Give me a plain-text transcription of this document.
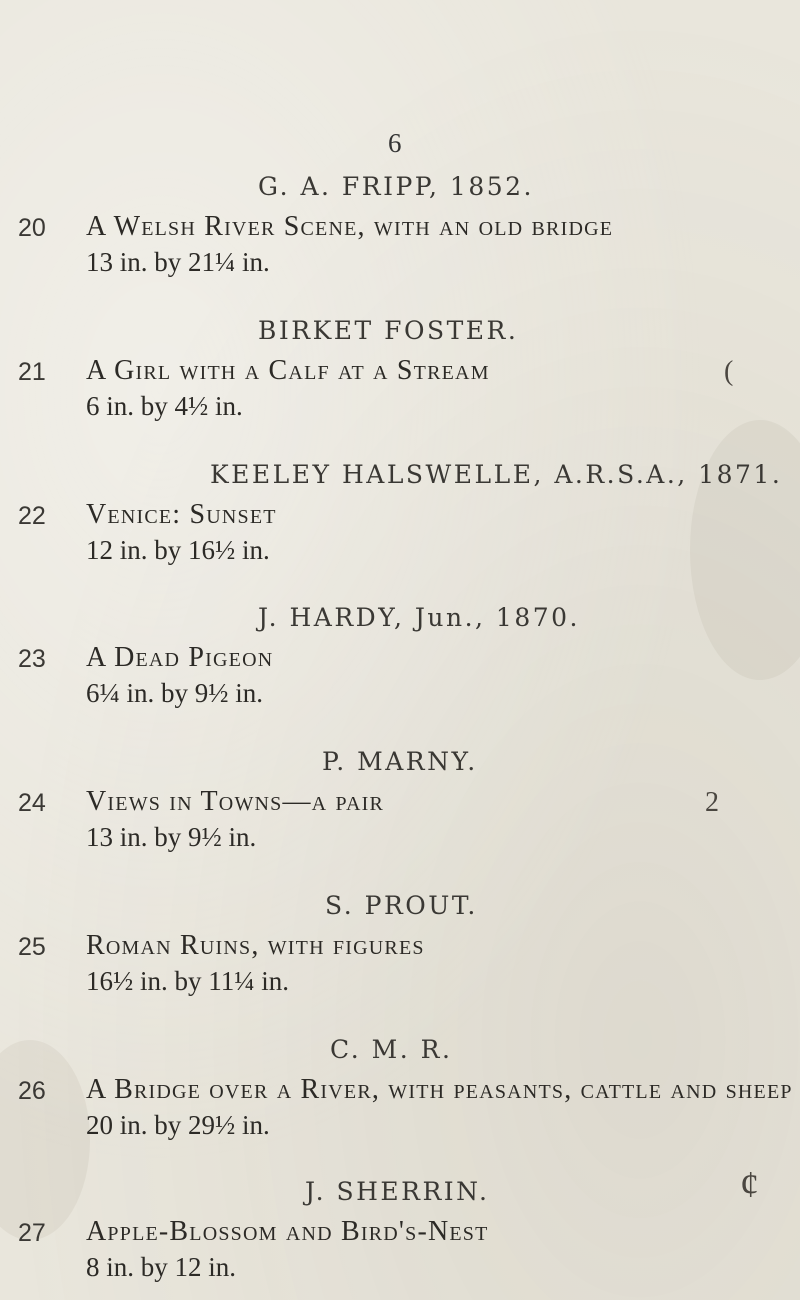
6
G. A. FRIPP, 1852.
20 A Welsh River Scene, with an old bridge
13 in. by 21¼ in.
BIRKET FOSTER.
21 A Girl with a Calf at a Stream
6 in. by 4½ in.
(
KEELEY HALSWELLE, A.R.S.A., 1871.
22 Venice: Sunset
12 in. by 16½ in.
J. HARDY, Jun., 1870.
23 A Dead Pigeon
6¼ in. by 9½ in.
P. MARNY.
24 Views in Towns—a pair
13 in. by 9½ in.
2
S. PROUT.
25 Roman Ruins, with figures
16½ in. by 11¼ in.
C. M. R.
26 A Bridge over a River, with peasants, cattle and sheep
20 in. by 29½ in.
J. SHERRIN.
27 Apple-Blossom and Bird's-Nest
8 in. by 12 in.
¢
